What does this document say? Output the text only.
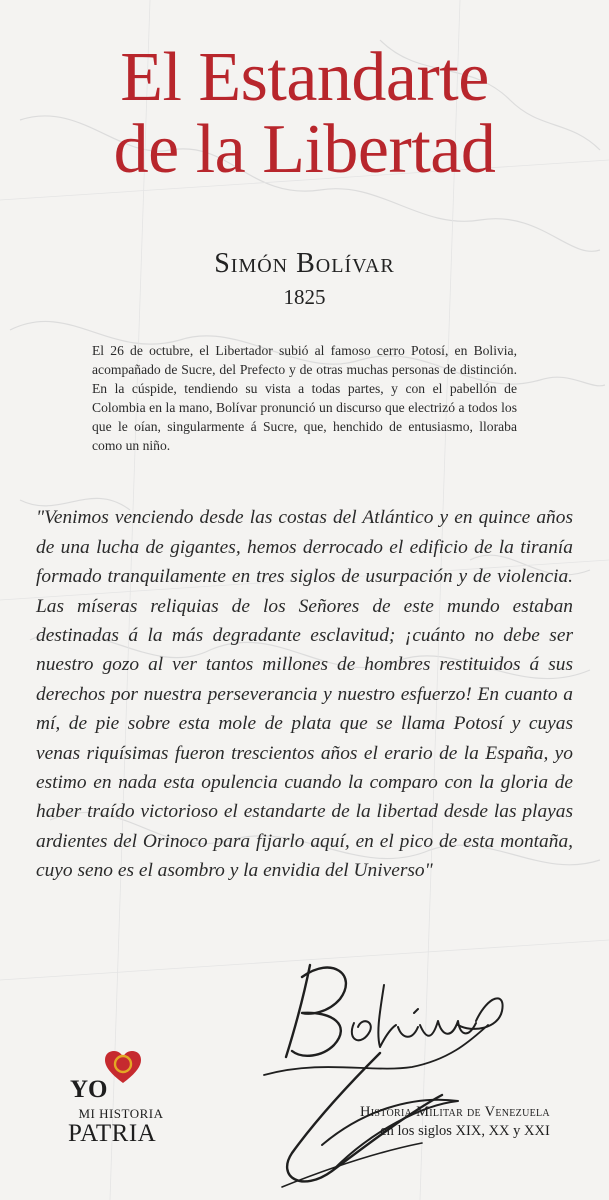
El Estandarte
de la Libertad
Simón Bolívar
1825

El 26 de octubre, el Libertador subió al famoso cerro Potosí, en Bolivia, acompañado de Sucre, del Prefecto y de otras muchas personas de distinción. En la cúspide, tendiendo su vista a todas partes, y con el pabellón de Colombia en la mano, Bolívar pronunció un discurso que electrizó a todos los que le oían, singularmente á Sucre, que, henchido de entusiasmo, lloraba como un niño.

"Venimos venciendo desde las costas del Atlántico y en quince años de una lucha de gigantes, hemos derrocado el edificio de la tiranía formado tranquilamente en tres siglos de usurpación y de violencia. Las míseras reliquias de los Señores de este mundo estaban destinadas á la más degradante esclavitud; ¡cuánto no debe ser nuestro gozo al ver tantos millones de hombres restituidos á sus derechos por nuestra perseverancia y nuestro esfuerzo! En cuanto a mí, de pie sobre esta mole de plata que se llama Potosí y cuyas venas riquísimas fueron trescientos años el erario de la España, yo estimo en nada esta opulencia cuando la comparo con la gloria de haber traído victorioso el estandarte de la libertad desde las playas ardientes del Orinoco para fijarlo aquí, en el pico de esta montaña, cuyo seno es el asombro y la envidia del Universo"

YO
MI HISTORIA
PATRIA
Historia Militar de Venezuela
en los siglos XIX, XX y XXI
